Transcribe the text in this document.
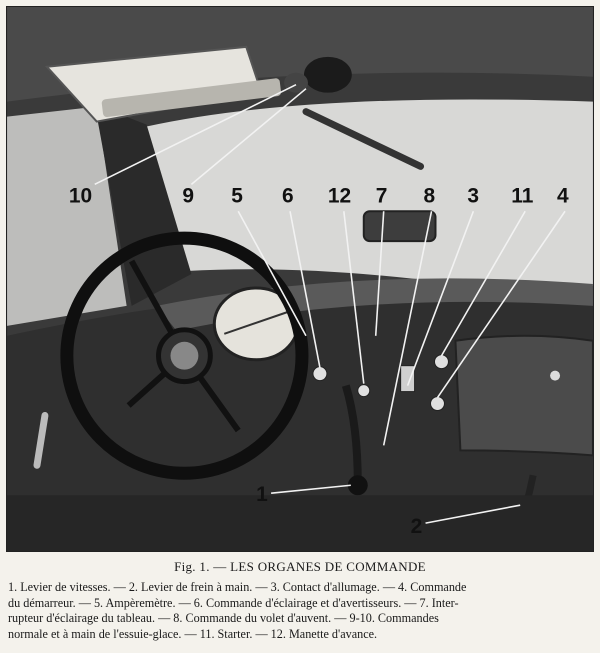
10	9 5 6 12 7 8 3 11 4
1
2
Fig. 1. — LES ORGANES DE COMMANDE
1. Levier de vitesses. — 2. Levier de frein à main. — 3. Contact d'allumage. — 4. Commande
du démarreur. — 5. Ampèremètre. — 6. Commande d'éclairage et d'avertisseurs. — 7. Inter-
rupteur d'éclairage du tableau. — 8. Commande du volet d'auvent. — 9-10. Commandes
normale et à main de l'essuie-glace. — 11. Starter. — 12. Manette d'avance.
